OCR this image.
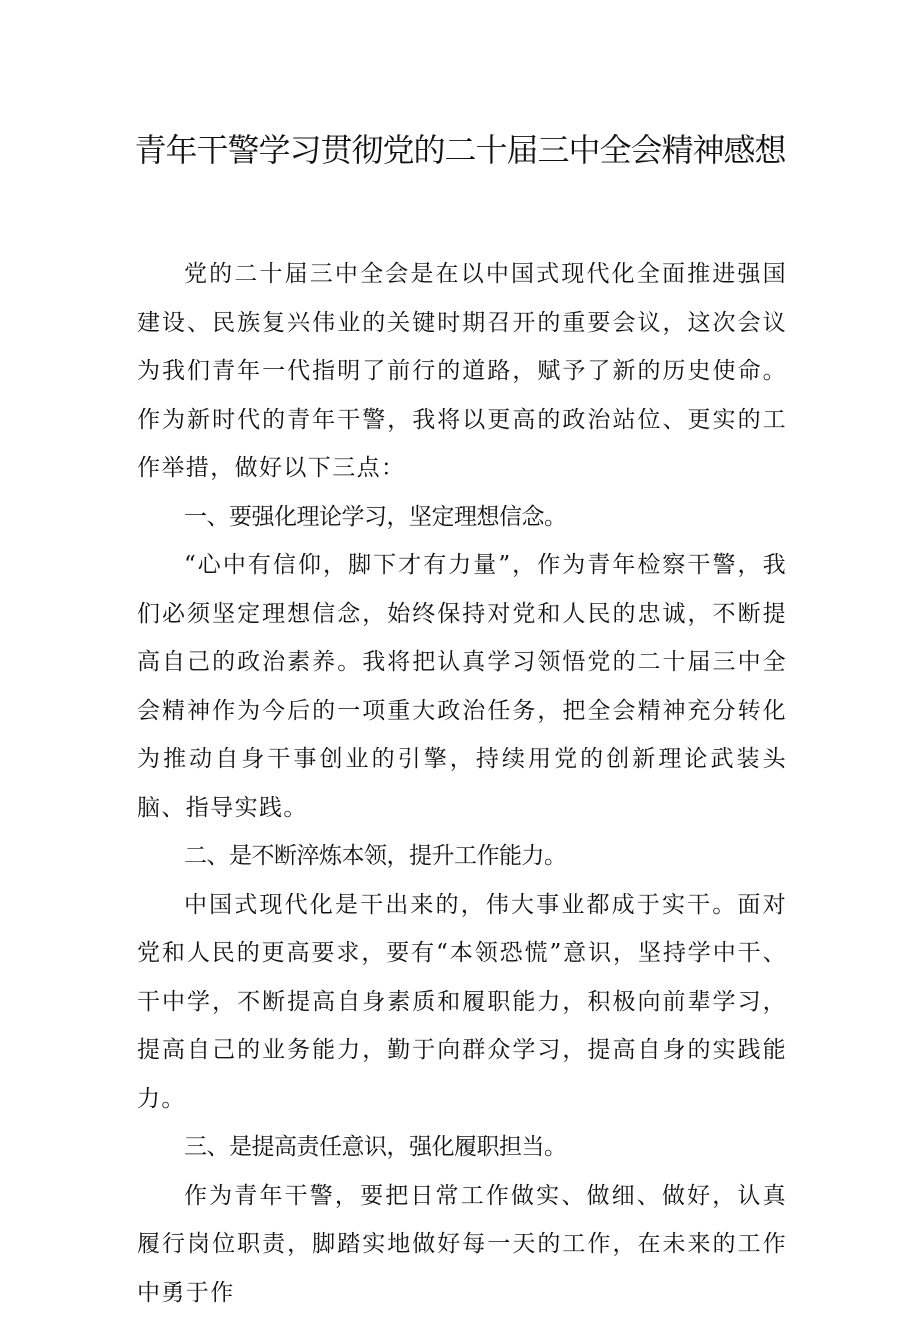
青年干警学习贯彻党的二十届三中全会精神感想

党的二十届三中全会是在以中国式现代化全面推进强国建设、民族复兴伟业的关键时期召开的重要会议，这次会议为我们青年一代指明了前行的道路，赋予了新的历史使命。作为新时代的青年干警，我将以更高的政治站位、更实的工作举措，做好以下三点：

一、要强化理论学习，坚定理想信念。

“心中有信仰，脚下才有力量”，作为青年检察干警，我们必须坚定理想信念，始终保持对党和人民的忠诚，不断提高自己的政治素养。我将把认真学习领悟党的二十届三中全会精神作为今后的一项重大政治任务，把全会精神充分转化为推动自身干事创业的引擎，持续用党的创新理论武装头脑、指导实践。

二、是不断淬炼本领，提升工作能力。

中国式现代化是干出来的，伟大事业都成于实干。面对党和人民的更高要求，要有“本领恐慌”意识，坚持学中干、干中学，不断提高自身素质和履职能力，积极向前辈学习，提高自己的业务能力，勤于向群众学习，提高自身的实践能力。

三、是提高责任意识，强化履职担当。

作为青年干警，要把日常工作做实、做细、做好，认真履行岗位职责，脚踏实地做好每一天的工作，在未来的工作中勇于作
